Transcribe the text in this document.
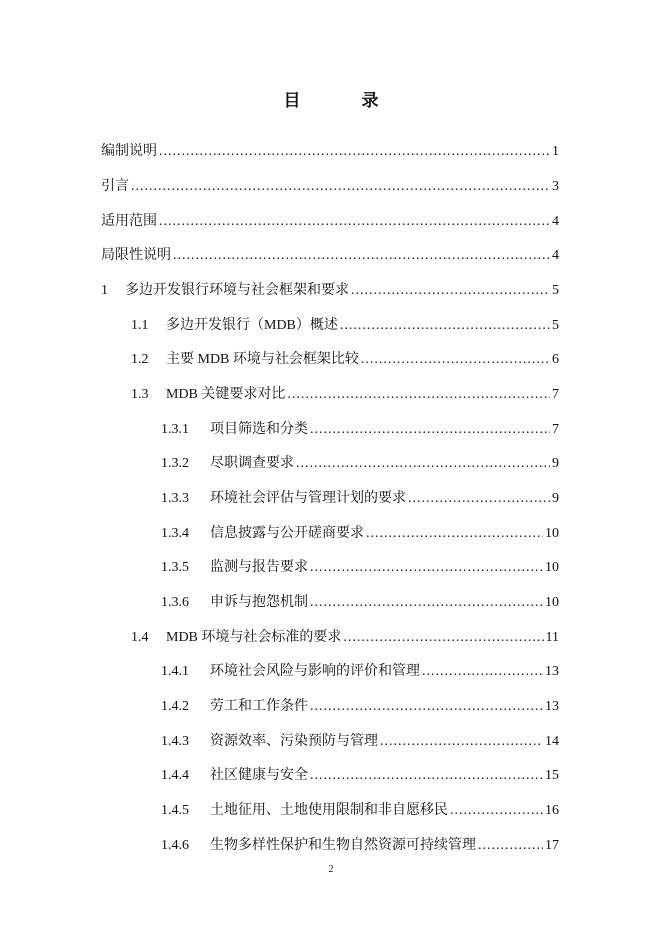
目　录
编制说明 .....	1
引言 .....	3
适用范围 .....	4
局限性说明 .....	4
1	多边开发银行环境与社会框架和要求 .....	5
1.1	多边开发银行（MDB）概述 .....	5
1.2	主要 MDB 环境与社会框架比较 .....	6
1.3	MDB 关键要求对比 .....	7
1.3.1	项目筛选和分类 .....	7
1.3.2	尽职调查要求 .....	9
1.3.3	环境社会评估与管理计划的要求 .....	9
1.3.4	信息披露与公开磋商要求 .....	10
1.3.5	监测与报告要求 .....	10
1.3.6	申诉与抱怨机制 .....	10
1.4	MDB 环境与社会标准的要求 .....	11
1.4.1	环境社会风险与影响的评价和管理 .....	13
1.4.2	劳工和工作条件 .....	13
1.4.3	资源效率、污染预防与管理 .....	14
1.4.4	社区健康与安全 .....	15
1.4.5	土地征用、土地使用限制和非自愿移民 .....	16
1.4.6	生物多样性保护和生物自然资源可持续管理 .....	17
2
